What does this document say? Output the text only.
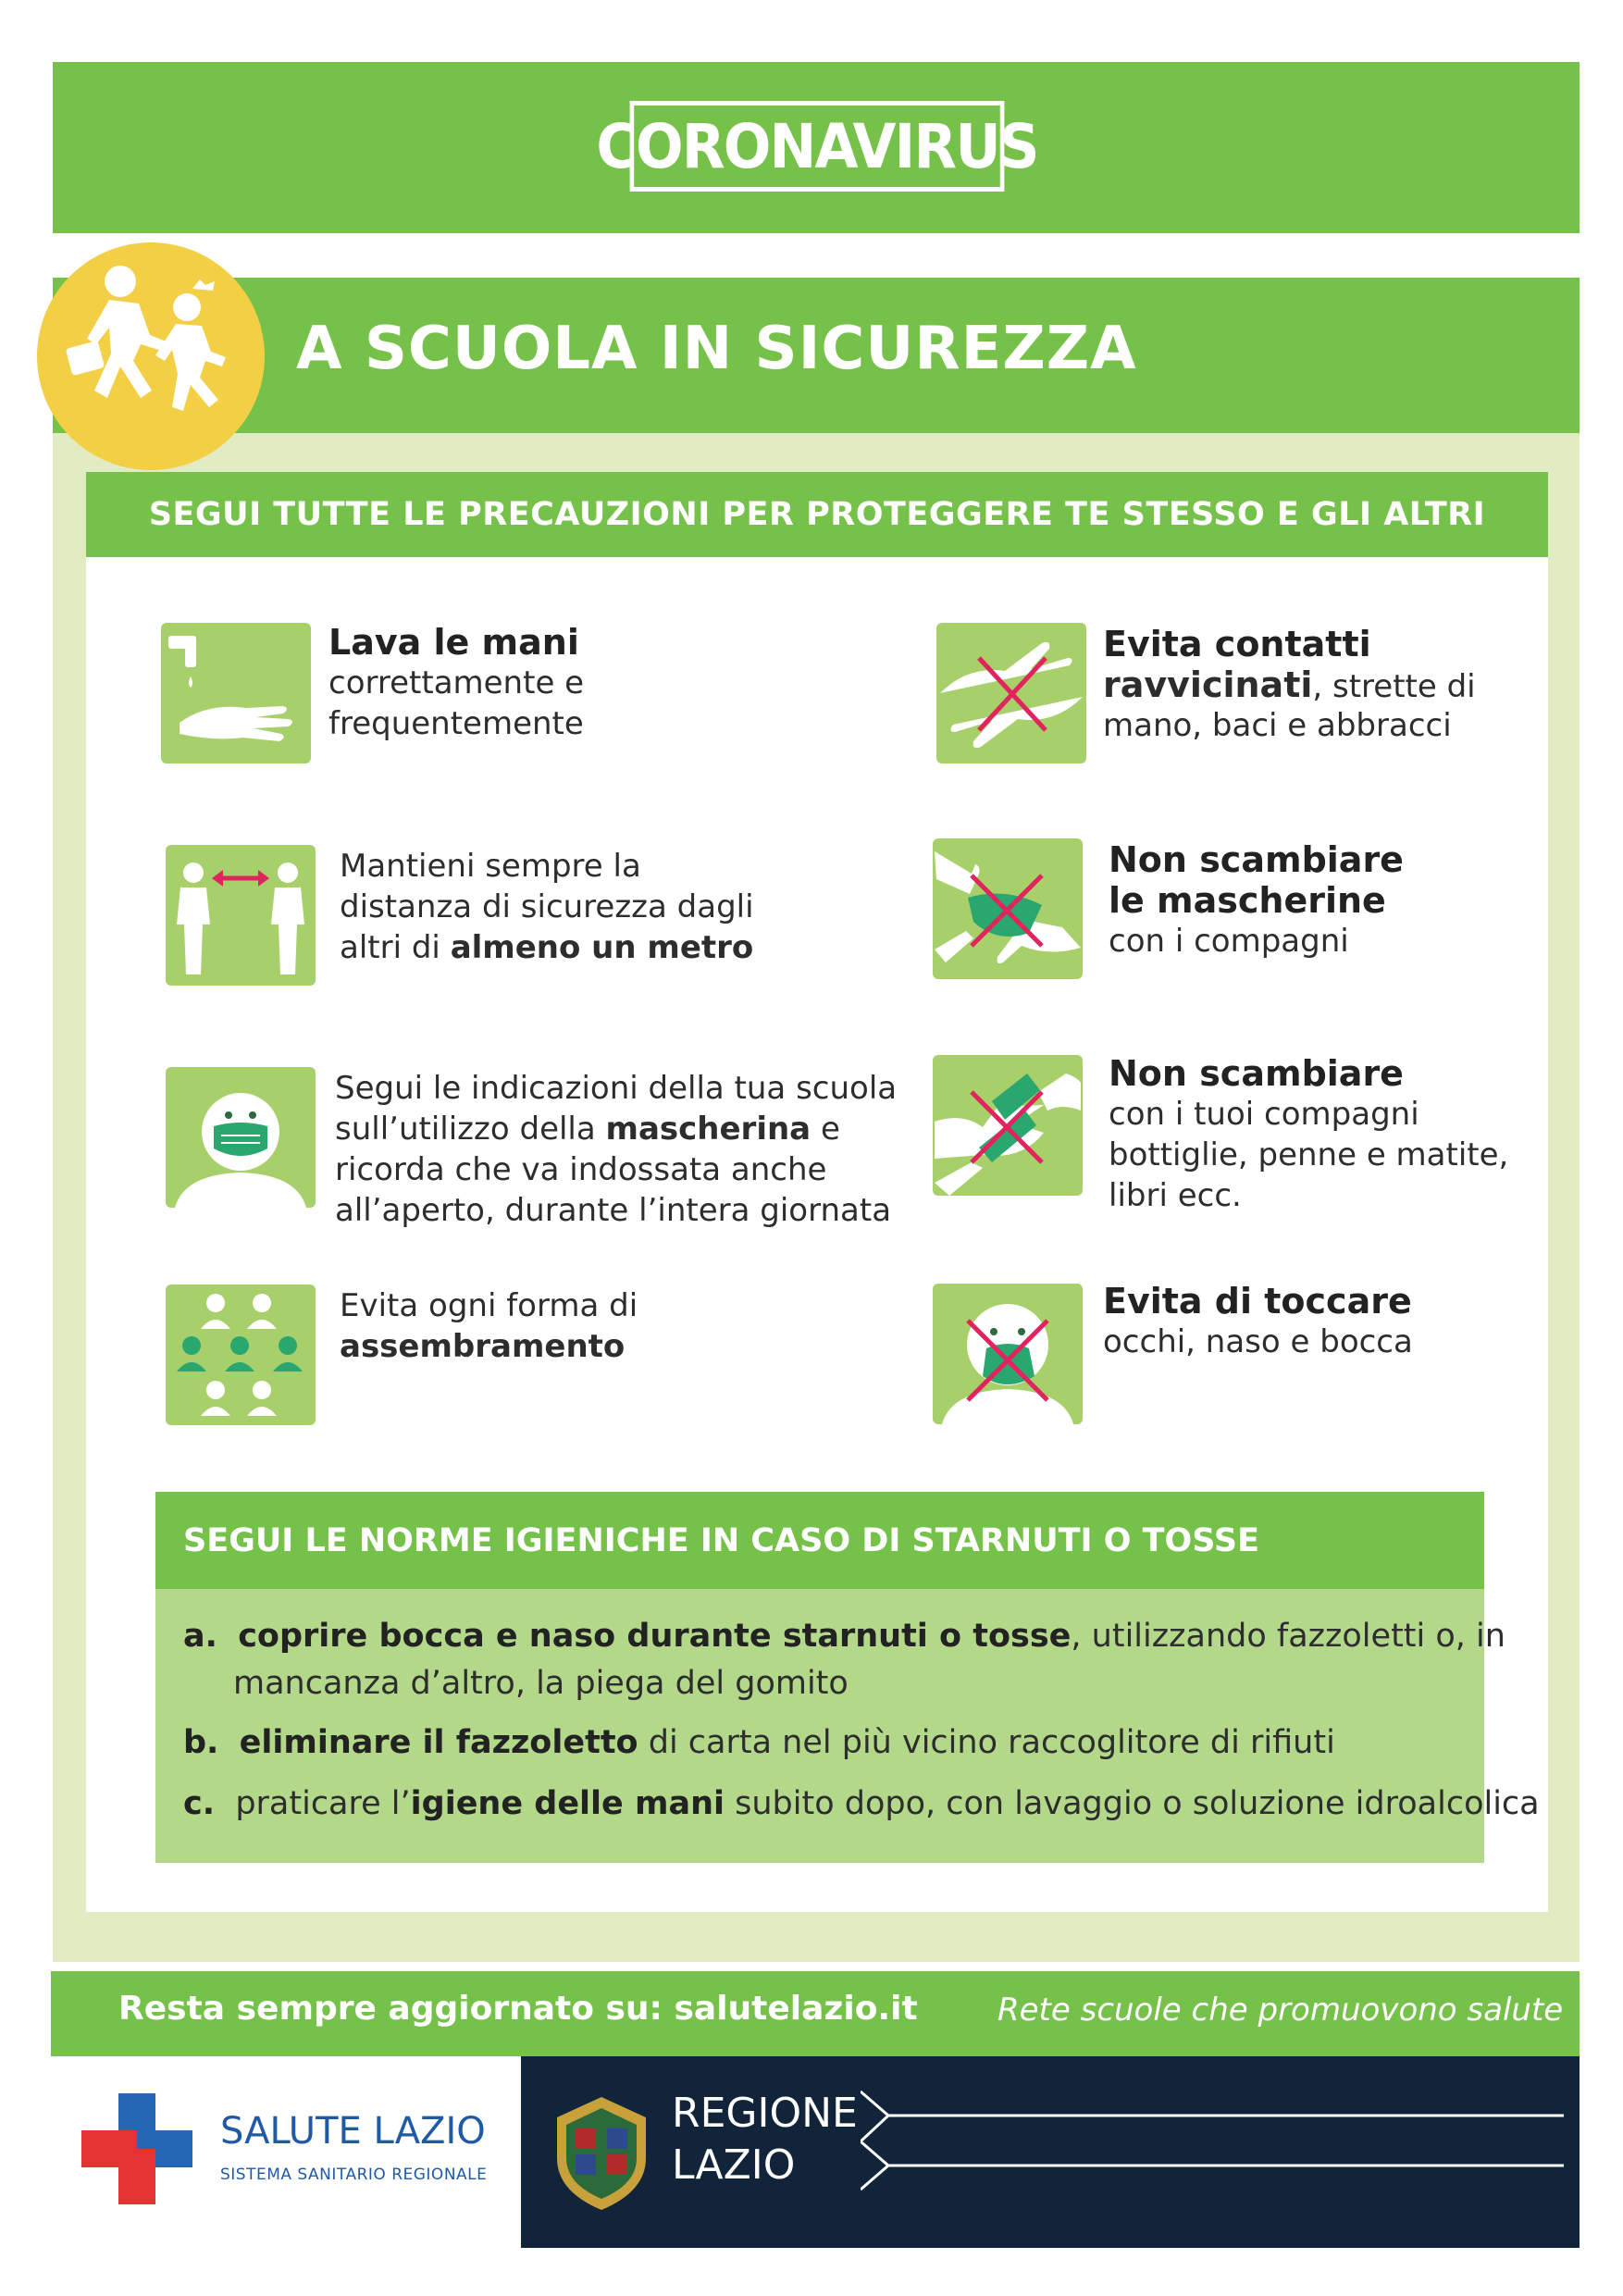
CORONAVIRUS
A SCUOLA IN SICUREZZA
SEGUI TUTTE LE PRECAUZIONI PER PROTEGGERE TE STESSO E GLI ALTRI
Lava le mani
correttamente e
frequentemente
Mantieni sempre la
distanza di sicurezza dagli
altri di almeno un metro
Segui le indicazioni della tua scuola
sull’utilizzo della mascherina e
ricorda che va indossata anche
all’aperto, durante l’intera giornata
Evita ogni forma di
assembramento
Evita contatti
ravvicinati, strette di
mano, baci e abbracci
Non scambiare
le mascherine
con i compagni
Non scambiare
con i tuoi compagni
bottiglie, penne e matite,
libri ecc.
Evita di toccare
occhi, naso e bocca
SEGUI LE NORME IGIENICHE IN CASO DI STARNUTI O TOSSE
a. coprire bocca e naso durante starnuti o tosse, utilizzando fazzoletti o, in
mancanza d’altro, la piega del gomito
b. eliminare il fazzoletto di carta nel più vicino raccoglitore di rifiuti
c. praticare l’igiene delle mani subito dopo, con lavaggio o soluzione idroalcolica
Resta sempre aggiornato su: salutelazio.it	Rete scuole che promuovono salute
SALUTE LAZIO
SISTEMA SANITARIO REGIONALE
REGIONE
LAZIO
